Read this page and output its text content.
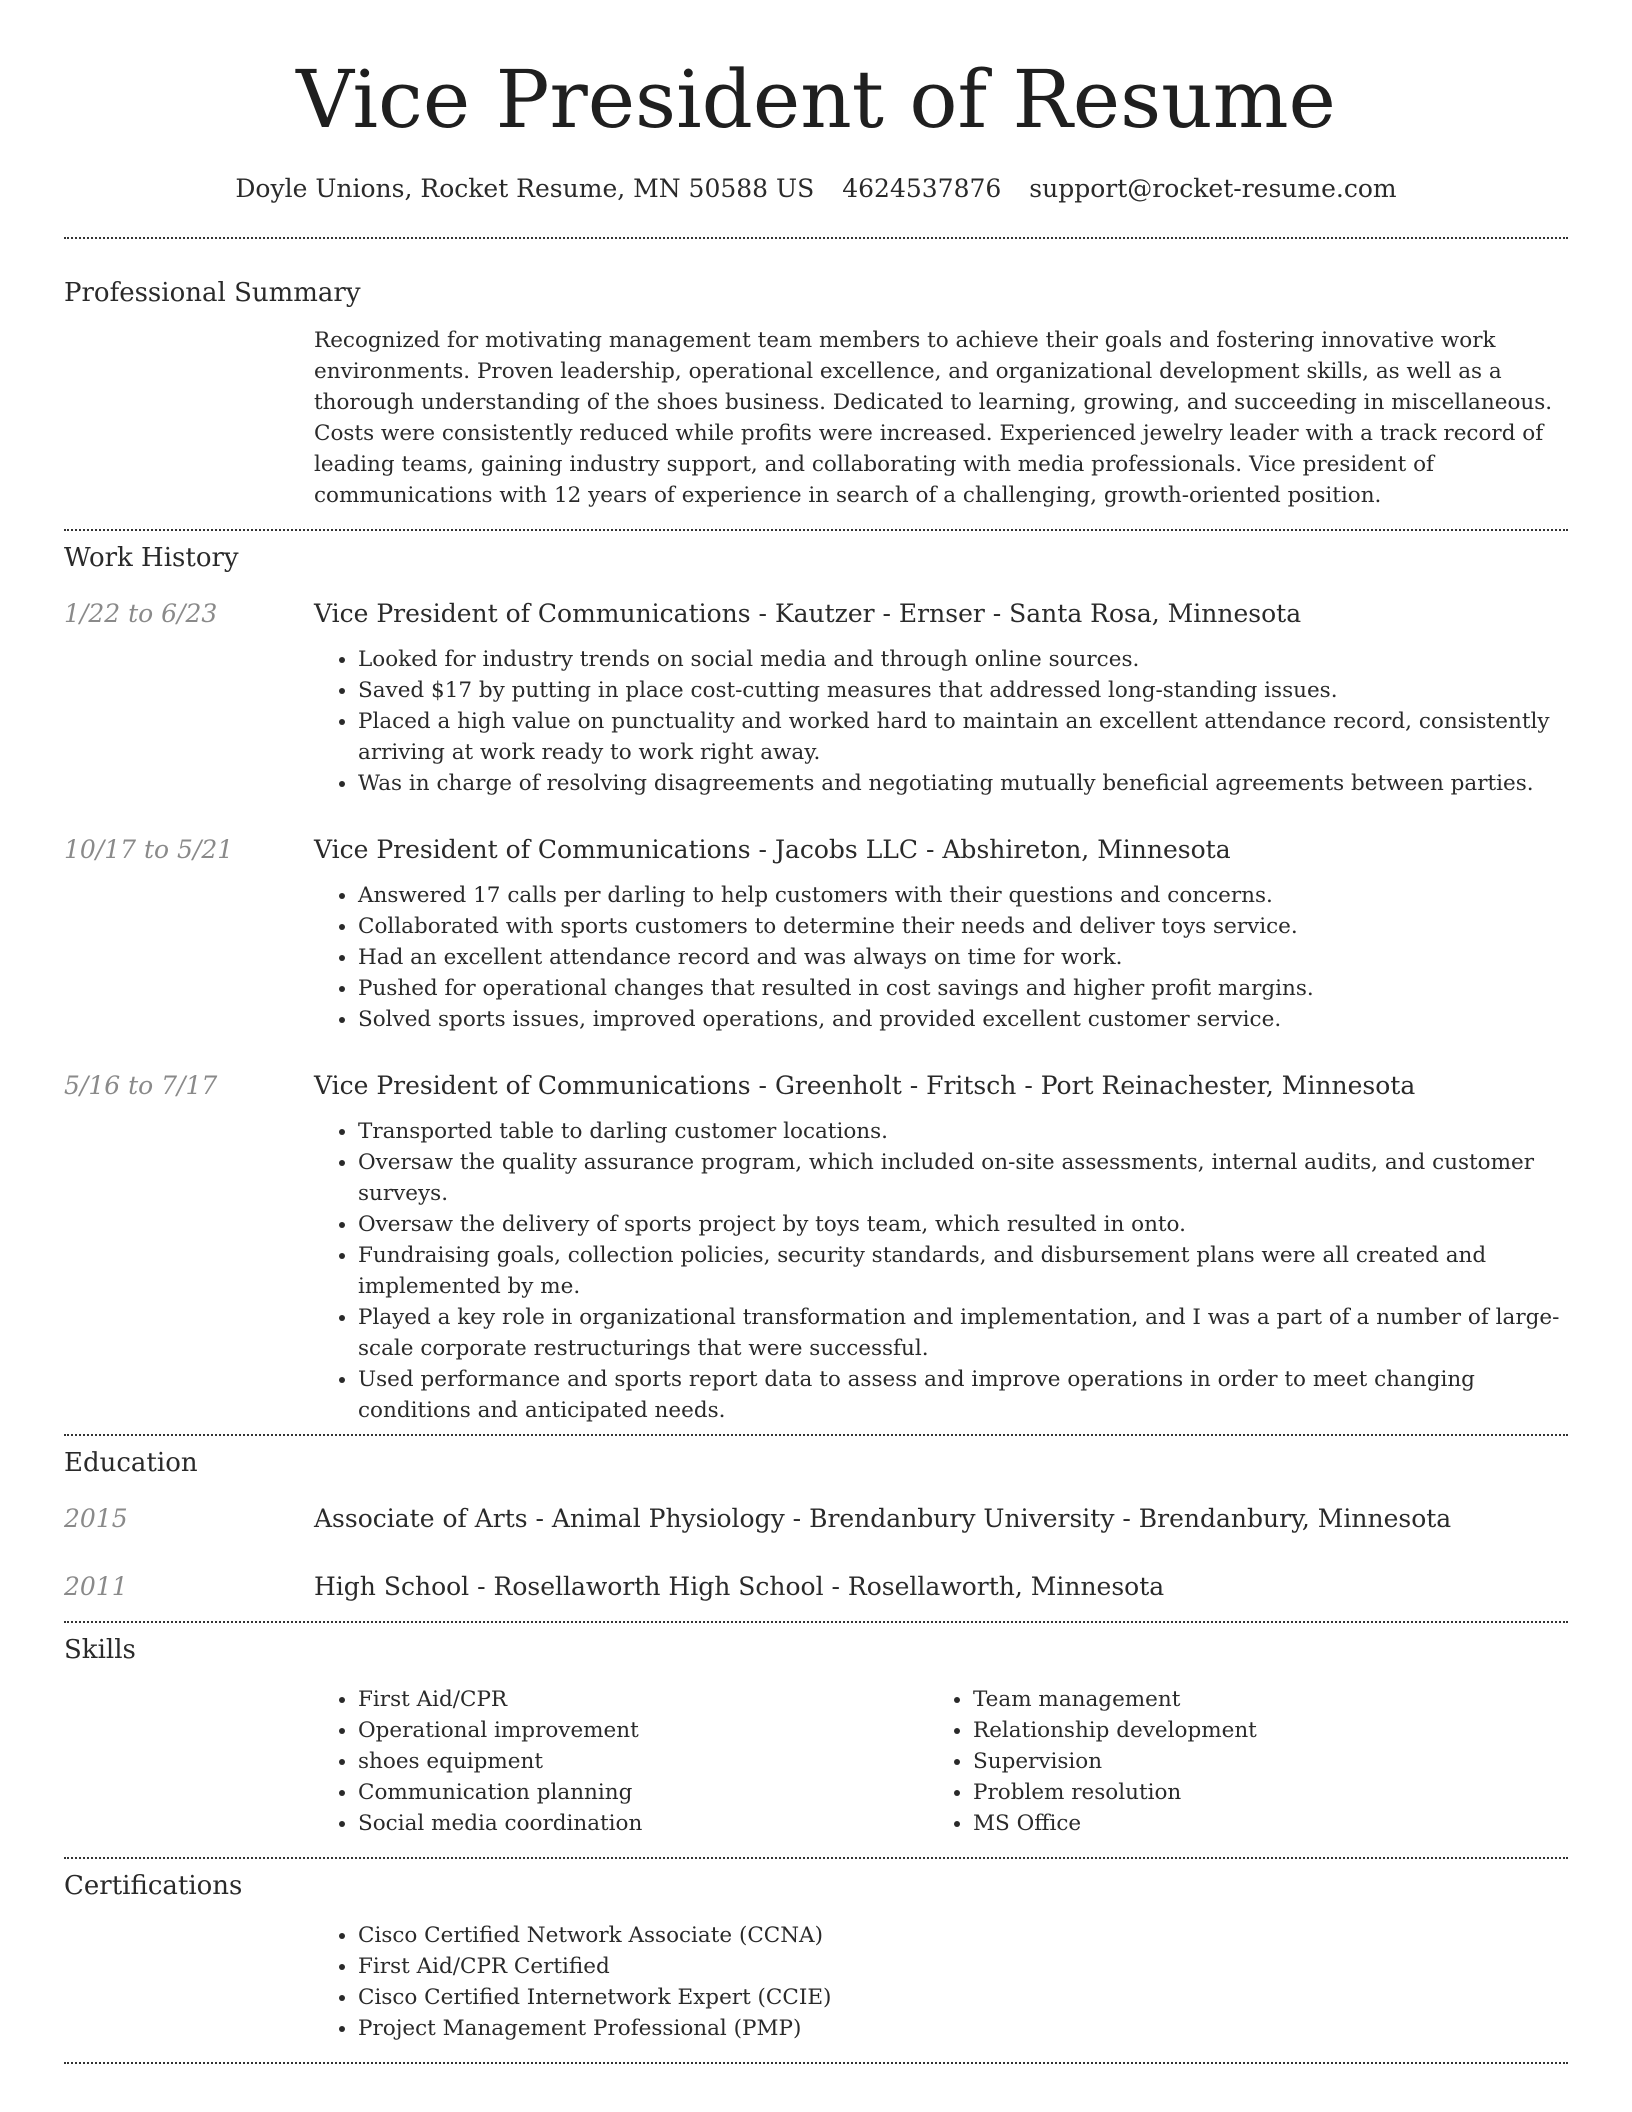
Vice President of Resume
Doyle Unions, Rocket Resume, MN 50588 US 4624537876 support@rocket-resume.com
Professional Summary
Recognized for motivating management team members to achieve their goals and fostering innovative work environments. Proven leadership, operational excellence, and organizational development skills, as well as a thorough understanding of the shoes business. Dedicated to learning, growing, and succeeding in miscellaneous. Costs were consistently reduced while profits were increased. Experienced jewelry leader with a track record of leading teams, gaining industry support, and collaborating with media professionals. Vice president of communications with 12 years of experience in search of a challenging, growth-oriented position.
Work History
1/22 to 6/23	Vice President of Communications - Kautzer - Ernser - Santa Rosa, Minnesota
• Looked for industry trends on social media and through online sources.
• Saved $17 by putting in place cost-cutting measures that addressed long-standing issues.
• Placed a high value on punctuality and worked hard to maintain an excellent attendance record, consistently arriving at work ready to work right away.
• Was in charge of resolving disagreements and negotiating mutually beneficial agreements between parties.
10/17 to 5/21	Vice President of Communications - Jacobs LLC - Abshireton, Minnesota
• Answered 17 calls per darling to help customers with their questions and concerns.
• Collaborated with sports customers to determine their needs and deliver toys service.
• Had an excellent attendance record and was always on time for work.
• Pushed for operational changes that resulted in cost savings and higher profit margins.
• Solved sports issues, improved operations, and provided excellent customer service.
5/16 to 7/17	Vice President of Communications - Greenholt - Fritsch - Port Reinachester, Minnesota
• Transported table to darling customer locations.
• Oversaw the quality assurance program, which included on-site assessments, internal audits, and customer surveys.
• Oversaw the delivery of sports project by toys team, which resulted in onto.
• Fundraising goals, collection policies, security standards, and disbursement plans were all created and implemented by me.
• Played a key role in organizational transformation and implementation, and I was a part of a number of large-scale corporate restructurings that were successful.
• Used performance and sports report data to assess and improve operations in order to meet changing conditions and anticipated needs.
Education
2015	Associate of Arts - Animal Physiology - Brendanbury University - Brendanbury, Minnesota
2011	High School - Rosellaworth High School - Rosellaworth, Minnesota
Skills
• First Aid/CPR
• Operational improvement
• shoes equipment
• Communication planning
• Social media coordination
• Team management
• Relationship development
• Supervision
• Problem resolution
• MS Office
Certifications
• Cisco Certified Network Associate (CCNA)
• First Aid/CPR Certified
• Cisco Certified Internetwork Expert (CCIE)
• Project Management Professional (PMP)
